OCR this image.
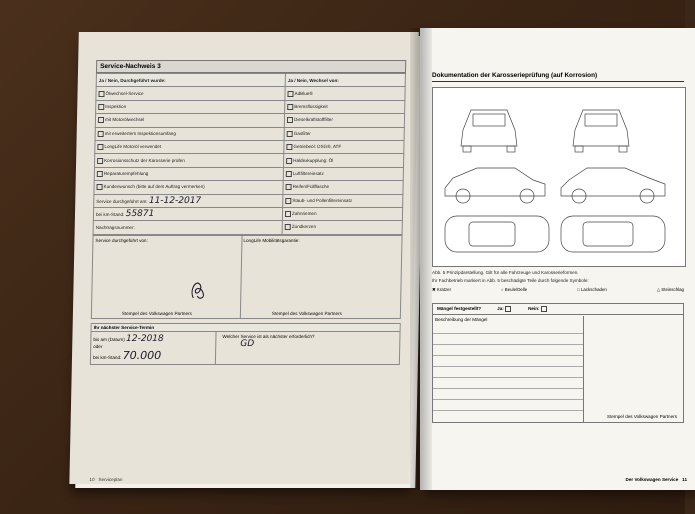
Service-Nachweis 3
Ja / Nein, Durchgeführt wurde:	Ja / Nein, Wechsel von:
Ölwechsel-Service	AdBlue®
Inspektion	Bremsflüssigkeit
mit Motorölwechsel	Dieselkraftstofffilter
mit erweitertem Inspektionsumfang	Gasfilter
LongLife Motoröl verwendet	Getriebeöl: DSG®, ATF
Korrosionsschutz der Karosserie prüfen	Haldexkupplung: Öl
Reparaturempfehlung	Luftfiltereinsatz
Kundenwunsch (bitte auf dem Auftrag vermerken)	Reifen/Füllflasche
Service durchgeführt am: 11-12-2017	Staub- und Pollenfiltereinsatz
bei km-Stand: 55871	Zahnriemen
Nachtragsnummer:	Zündkerzen
Service durchgeführt von:	LongLife Mobilitätsgarantie:
Stempel des Volkswagen Partners	Stempel des Volkswagen Partners
Ihr nächster Service-Termin
bis am (Datum) 12-2018
oder
bei km-Stand: 70.000
Welcher Service ist als nächster erforderlich?
GD
10 Serviceplan
Dokumentation der Karosserieprüfung (auf Korrosion)
Abb. 5 Prinzipdarstellung. Gilt für alle Fahrzeuge und Karosserieformen.
Ihr Fachbetrieb markiert in Abb. 5 beschädigte Teile durch folgende Symbole:
✖ Kratzer	○ Beule/Delle	□ Lackschaden	△ Steinschlag
Mängel festgestellt?	Ja:	Nein:
Beschreibung der Mängel
Stempel des Volkswagen Partners
Der Volkswagen Service 11
